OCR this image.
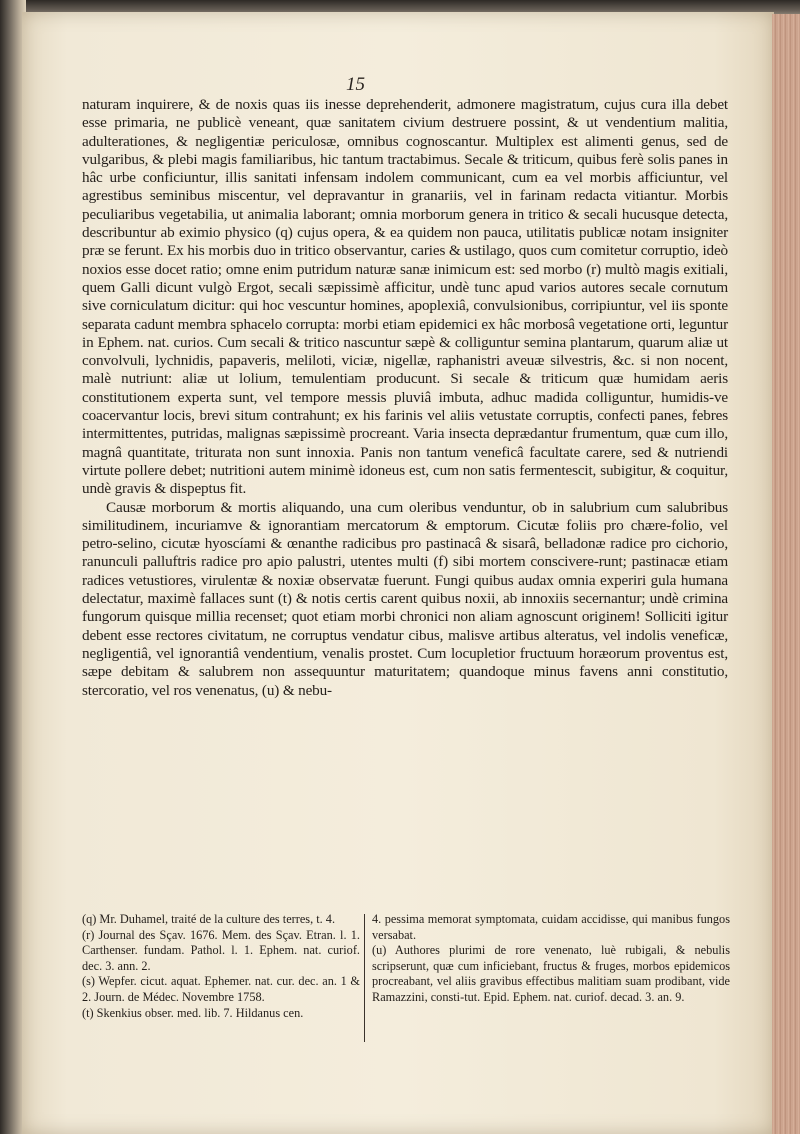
15

naturam inquirere, & de noxis quas iis inesse deprehenderit, admonere magistratum, cujus cura illa debet esse primaria, ne publicè veneant, quæ sanitatem civium destruere possint, & ut vendentium malitia, adulterationes, & negligentiæ periculosæ, omnibus cognoscantur. Multiplex est alimenti genus, sed de vulgaribus, & plebi magis familiaribus, hic tantum tractabimus. Secale & triticum, quibus ferè solis panes in hâc urbe conficiuntur, illis sanitati infensam indolem communicant, cum ea vel morbis afficiuntur, vel agrestibus seminibus miscentur, vel depravantur in granariis, vel in farinam redacta vitiantur. Morbis peculiaribus vegetabilia, ut animalia laborant; omnia morborum genera in tritico & secali hucusque detecta, describuntur ab eximio physico (q) cujus opera, & ea quidem non pauca, utilitatis publicæ notam insigniter præ se ferunt. Ex his morbis duo in tritico observantur, caries & ustilago, quos cum comitetur corruptio, ideò noxios esse docet ratio; omne enim putridum naturæ sanæ inimicum est: sed morbo (r) multò magis exitiali, quem Galli dicunt vulgò Ergot, secali sæpissimè afficitur, undè tunc apud varios autores secale cornutum sive corniculatum dicitur: qui hoc vescuntur homines, apoplexiâ, convulsionibus, corripiuntur, vel iis sponte separata cadunt membra sphacelo corrupta: morbi etiam epidemici ex hâc morbosâ vegetatione orti, leguntur in Ephem. nat. curios. Cum secali & tritico nascuntur sæpè & colliguntur semina plantarum, quarum aliæ ut convolvuli, lychnidis, papaveris, meliloti, viciæ, nigellæ, raphanistri aveuæ silvestris, &c. si non nocent, malè nutriunt: aliæ ut lolium, temulentiam producunt. Si secale & triticum quæ humidam aeris constitutionem experta sunt, vel tempore messis pluviâ imbuta, adhuc madida colliguntur, humidis-ve coacervantur locis, brevi situm contrahunt; ex his farinis vel aliis vetustate corruptis, confecti panes, febres intermittentes, putridas, malignas sæpissimè procreant. Varia insecta deprædantur frumentum, quæ cum illo, magnâ quantitate, triturata non sunt innoxia. Panis non tantum veneficâ facultate carere, sed & nutriendi virtute pollere debet; nutritioni autem minimè idoneus est, cum non satis fermentescit, subigitur, & coquitur, undè gravis & dispeptus fit.

Causæ morborum & mortis aliquando, una cum oleribus venduntur, ob in salubrium cum salubribus similitudinem, incuriamve & ignorantiam mercatorum & emptorum. Cicutæ foliis pro chære-folio, vel petro-selino, cicutæ hyoscíami & œnanthe radicibus pro pastinacâ & sisarâ, belladonæ radice pro cichorio, ranunculi palluftris radice pro apio palustri, utentes multi (f) sibi mortem conscivere-runt; pastinacæ etiam radices vetustiores, virulentæ & noxiæ observatæ fuerunt. Fungi quibus audax omnia experiri gula humana delectatur, maximè fallaces sunt (t) & notis certis carent quibus noxii, ab innoxiis secernantur; undè crimina fungorum quisque millia recenset; quot etiam morbi chronici non aliam agnoscunt originem! Solliciti igitur debent esse rectores civitatum, ne corruptus vendatur cibus, malisve artibus alteratus, vel indolis veneficæ, negligentiâ, vel ignorantiâ vendentium, venalis prostet. Cum locupletior fructuum horæorum proventus est, sæpe debitam & salubrem non assequuntur maturitatem; quandoque minus favens anni constitutio, stercoratio, vel ros venenatus, (u) & nebu-

(q) Mr. Duhamel, traité de la culture des terres, t. 4.

(r) Journal des Sçav. 1676. Mem. des Sçav. Etran. l. 1. Carthenser. fundam. Pathol. l. 1. Ephem. nat. curiof. dec. 3. ann. 2.

(s) Wepfer. cicut. aquat. Ephemer. nat. cur. dec. an. 1 & 2. Journ. de Médec. Novembre 1758.

(t) Skenkius obser. med. lib. 7. Hildanus cen.

4. pessima memorat symptomata, cuidam accidisse, qui manibus fungos versabat.

(u) Authores plurimi de rore venenato, luè rubigali, & nebulis scripserunt, quæ cum inficiebant, fructus & fruges, morbos epidemicos procreabant, vel aliis gravibus effectibus malitiam suam prodibant, vide Ramazzini, consti-tut. Epid. Ephem. nat. curiof. decad. 3. an. 9.
